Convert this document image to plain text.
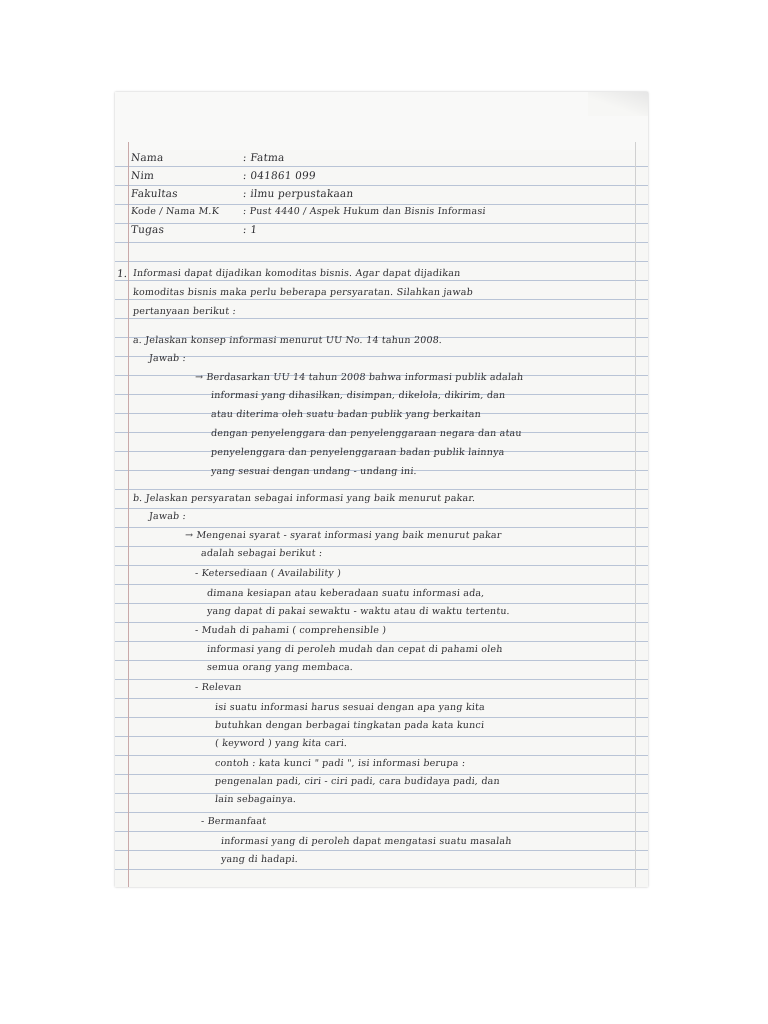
Nama	: Fatma
Nim	: 041861 099
Fakultas	: ilmu perpustakaan
Kode / Nama M.K : Pust 4440 / Aspek Hukum dan Bisnis Informasi
Tugas	: 1
1. Informasi dapat dijadikan komoditas bisnis. Agar dapat dijadikan
komoditas bisnis maka perlu beberapa persyaratan. Silahkan jawab
pertanyaan berikut :
a. Jelaskan konsep informasi menurut UU No. 14 tahun 2008.
Jawab :
→ Berdasarkan UU 14 tahun 2008 bahwa informasi publik adalah
informasi yang dihasilkan, disimpan, dikelola, dikirim, dan
atau diterima oleh suatu badan publik yang berkaitan
dengan penyelenggara dan penyelenggaraan negara dan atau
penyelenggara dan penyelenggaraan badan publik lainnya
yang sesuai dengan undang - undang ini.
b. Jelaskan persyaratan sebagai informasi yang baik menurut pakar.
Jawab :
→ Mengenai syarat - syarat informasi yang baik menurut pakar
adalah sebagai berikut :
- Ketersediaan ( Availability )
dimana kesiapan atau keberadaan suatu informasi ada,
yang dapat di pakai sewaktu - waktu atau di waktu tertentu.
- Mudah di pahami ( comprehensible )
informasi yang di peroleh mudah dan cepat di pahami oleh
semua orang yang membaca.
- Relevan
isi suatu informasi harus sesuai dengan apa yang kita
butuhkan dengan berbagai tingkatan pada kata kunci
( keyword ) yang kita cari.
contoh : kata kunci " padi ", isi informasi berupa :
pengenalan padi, ciri - ciri padi, cara budidaya padi, dan
lain sebagainya.
- Bermanfaat
informasi yang di peroleh dapat mengatasi suatu masalah
yang di hadapi.
